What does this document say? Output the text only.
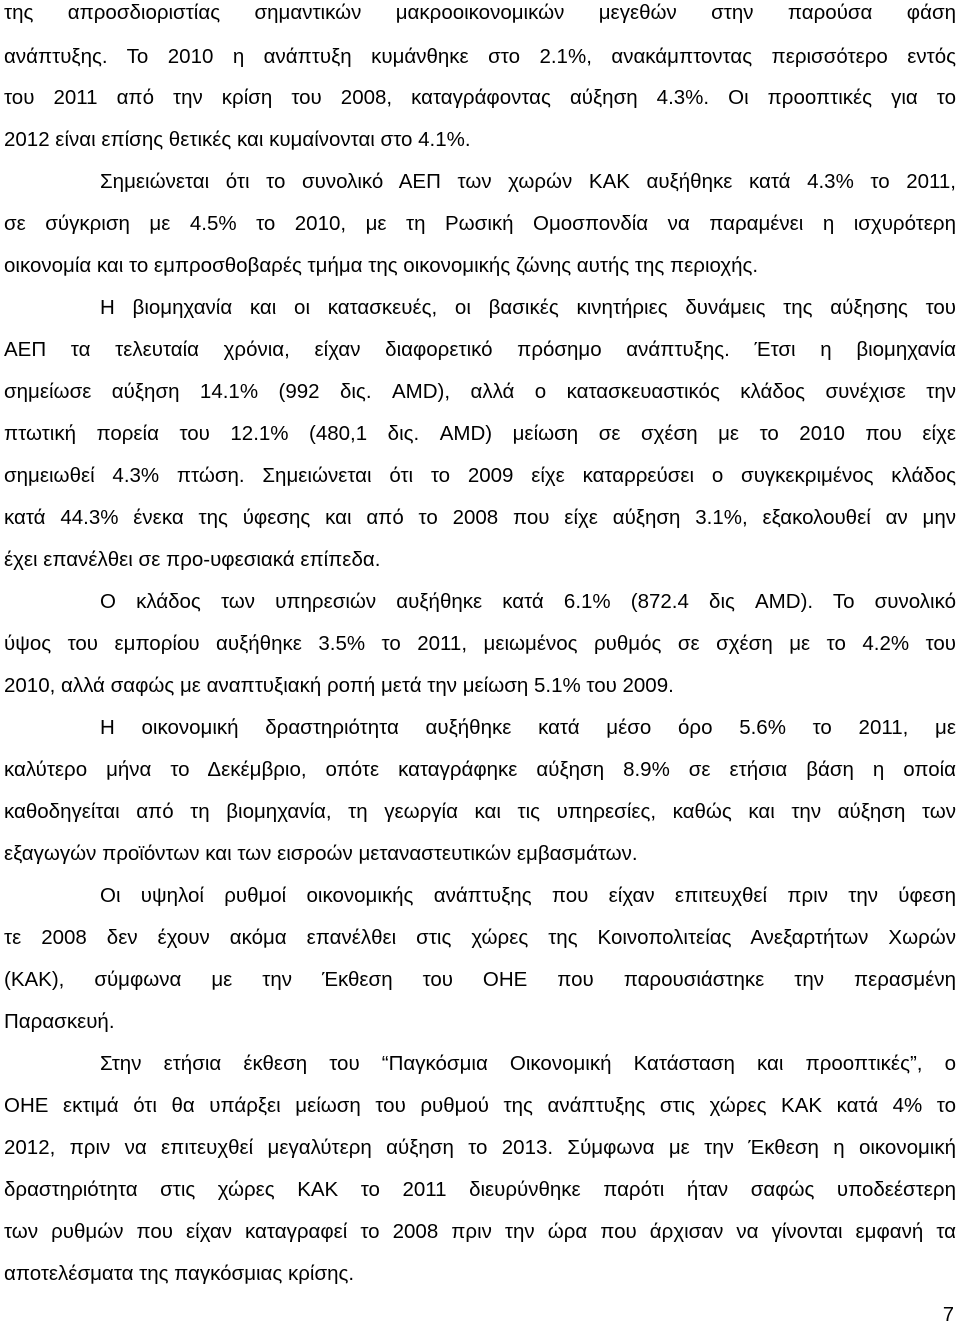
της απροσδιοριστίας σημαντικών μακροοικονομικών μεγεθών στην παρούσα φάση
ανάπτυξης. Το 2010 η ανάπτυξη κυμάνθηκε στο 2.1%, ανακάμπτοντας περισσότερο εντός
του 2011 από την κρίση του 2008, καταγράφοντας αύξηση 4.3%. Οι προοπτικές για το
2012 είναι επίσης θετικές και κυμαίνονται στο 4.1%.
Σημειώνεται ότι το συνολικό ΑΕΠ των χωρών ΚΑΚ αυξήθηκε κατά 4.3% το 2011,
σε σύγκριση με 4.5% το 2010, με τη Ρωσική Ομοσπονδία να παραμένει η ισχυρότερη
οικονομία και το εμπροσθοβαρές τμήμα της οικονομικής ζώνης αυτής της περιοχής.
Η βιομηχανία και οι κατασκευές, οι βασικές κινητήριες δυνάμεις της αύξησης του
ΑΕΠ τα τελευταία χρόνια, είχαν διαφορετικό πρόσημο ανάπτυξης. Έτσι η βιομηχανία
σημείωσε αύξηση 14.1% (992 δις. AMD), αλλά ο κατασκευαστικός κλάδος συνέχισε την
πτωτική πορεία του 12.1% (480,1 δις. AMD) μείωση σε σχέση με το 2010 που είχε
σημειωθεί 4.3% πτώση. Σημειώνεται ότι το 2009 είχε καταρρεύσει ο συγκεκριμένος κλάδος
κατά 44.3% ένεκα της ύφεσης και από το 2008 που είχε αύξηση 3.1%, εξακολουθεί αν μην
έχει επανέλθει σε προ-υφεσιακά επίπεδα.
Ο κλάδος των υπηρεσιών αυξήθηκε κατά 6.1% (872.4 δις AMD). Το συνολικό
ύψος του εμπορίου αυξήθηκε 3.5% το 2011, μειωμένος ρυθμός σε σχέση με το 4.2% του
2010, αλλά σαφώς με αναπτυξιακή ροπή μετά την μείωση 5.1% του 2009.
Η οικονομική δραστηριότητα αυξήθηκε κατά μέσο όρο 5.6% το 2011, με
καλύτερο μήνα το Δεκέμβριο, οπότε καταγράφηκε αύξηση 8.9% σε ετήσια βάση η οποία
καθοδηγείται από τη βιομηχανία, τη γεωργία και τις υπηρεσίες, καθώς και την αύξηση των
εξαγωγών προϊόντων και των εισροών μεταναστευτικών εμβασμάτων.
Οι υψηλοί ρυθμοί οικονομικής ανάπτυξης που είχαν επιτευχθεί πριν την ύφεση
τε 2008 δεν έχουν ακόμα επανέλθει στις χώρες της Κοινοπολιτείας Ανεξαρτήτων Χωρών
(ΚΑΚ), σύμφωνα με την Έκθεση του ΟΗΕ που παρουσιάστηκε την περασμένη
Παρασκευή.
Στην ετήσια έκθεση του “Παγκόσμια Οικονομική Κατάσταση και προοπτικές”, ο
ΟΗΕ εκτιμά ότι θα υπάρξει μείωση του ρυθμού της ανάπτυξης στις χώρες ΚΑΚ κατά 4% το
2012, πριν να επιτευχθεί μεγαλύτερη αύξηση το 2013. Σύμφωνα με την Έκθεση η οικονομική
δραστηριότητα στις χώρες ΚΑΚ το 2011 διευρύνθηκε παρότι ήταν σαφώς υποδεέστερη
των ρυθμών που είχαν καταγραφεί το 2008 πριν την ώρα που άρχισαν να γίνονται εμφανή τα
αποτελέσματα της παγκόσμιας κρίσης.
7
